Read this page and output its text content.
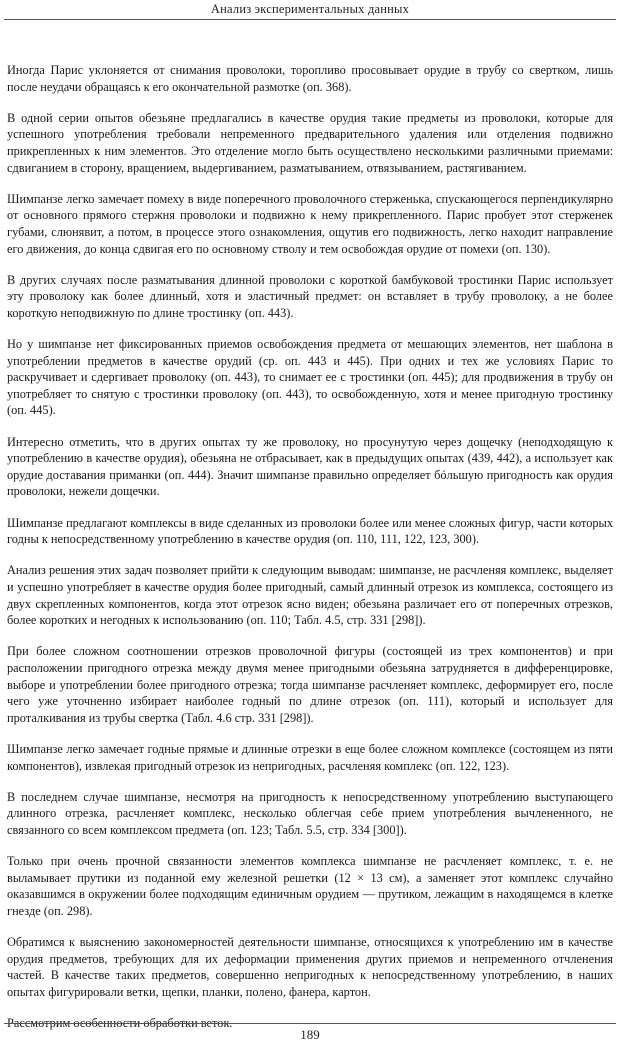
Анализ экспериментальных данных

Иногда Парис уклоняется от снимания проволоки, торопливо просовывает орудие в трубу со свертком, лишь после неудачи обращаясь к его окончательной размотке (оп. 368).

В одной серии опытов обезьяне предлагались в качестве орудия такие предметы из проволоки, которые для успешного употребления требовали непременного предварительного удаления или отделения подвижно прикрепленных к ним элементов. Это отделение могло быть осуществлено несколькими различными приемами: сдвиганием в сторону, вращением, выдергиванием, разматыванием, отвязыванием, растягиванием.

Шимпанзе легко замечает помеху в виде поперечного проволочного стерженька, спускающегося перпендикулярно от основного прямого стержня проволоки и подвижно к нему прикрепленного. Парис пробует этот стерженек губами, слюнявит, а потом, в процессе этого ознакомления, ощутив его подвижность, легко находит направление его движения, до конца сдвигая его по основному стволу и тем освобождая орудие от помехи (оп. 130).

В других случаях после разматывания длинной проволоки с короткой бамбуковой тростинки Парис использует эту проволоку как более длинный, хотя и эластичный предмет: он вставляет в трубу проволоку, а не более короткую неподвижную по длине тростинку (оп. 443).

Но у шимпанзе нет фиксированных приемов освобождения предмета от мешающих элементов, нет шаблона в употреблении предметов в качестве орудий (ср. оп. 443 и 445). При одних и тех же условиях Парис то раскручивает и сдергивает проволоку (оп. 443), то снимает ее с тростинки (оп. 445); для продвижения в трубу он употребляет то снятую с тростинки проволоку (оп. 443), то освобожденную, хотя и менее пригодную тростинку (оп. 445).

Интересно отметить, что в других опытах ту же проволоку, но просунутую через дощечку (неподходящую к употреблению в качестве орудия), обезьяна не отбрасывает, как в предыдущих опытах (439, 442), а использует как орудие доставания приманки (оп. 444). Значит шимпанзе правильно определяет бóльшую пригодность как орудия проволоки, нежели дощечки.

Шимпанзе предлагают комплексы в виде сделанных из проволоки более или менее сложных фигур, части которых годны к непосредственному употреблению в качестве орудия (оп. 110, 111, 122, 123, 300).

Анализ решения этих задач позволяет прийти к следующим выводам: шимпанзе, не расчленяя комплекс, выделяет и успешно употребляет в качестве орудия более пригодный, самый длинный отрезок из комплекса, состоящего из двух скрепленных компонентов, когда этот отрезок ясно виден; обезьяна различает его от поперечных отрезков, более коротких и негодных к использованию (оп. 110; Табл. 4.5, стр. 331 [298]).

При более сложном соотношении отрезков проволочной фигуры (состоящей из трех компонентов) и при расположении пригодного отрезка между двумя менее пригодными обезьяна затрудняется в дифференцировке, выборе и употреблении более пригодного отрезка; тогда шимпанзе расчленяет комплекс, деформирует его, после чего уже уточненно избирает наиболее годный по длине отрезок (оп. 111), который и использует для проталкивания из трубы свертка (Табл. 4.6 стр. 331 [298]).

Шимпанзе легко замечает годные прямые и длинные отрезки в еще более сложном комплексе (состоящем из пяти компонентов), извлекая пригодный отрезок из непригодных, расчленяя комплекс (оп. 122, 123).

В последнем случае шимпанзе, несмотря на пригодность к непосредственному употреблению выступающего длинного отрезка, расчленяет комплекс, несколько облегчая себе прием употребления вычлененного, не связанного со всем комплексом предмета (оп. 123; Табл. 5.5, стр. 334 [300]).

Только при очень прочной связанности элементов комплекса шимпанзе не расчленяет комплекс, т. е. не выламывает прутики из поданной ему железной решетки (12 × 13 см), а заменяет этот комплекс случайно оказавшимся в окружении более подходящим единичным орудием — прутиком, лежащим в находящемся в клетке гнезде (оп. 298).

Обратимся к выяснению закономерностей деятельности шимпанзе, относящихся к употреблению им в качестве орудия предметов, требующих для их деформации применения других приемов и непременного отчленения частей. В качестве таких предметов, совершенно непригодных к непосредственному употреблению, в наших опытах фигурировали ветки, щепки, планки, полено, фанера, картон.

Рассмотрим особенности обработки веток.

189
